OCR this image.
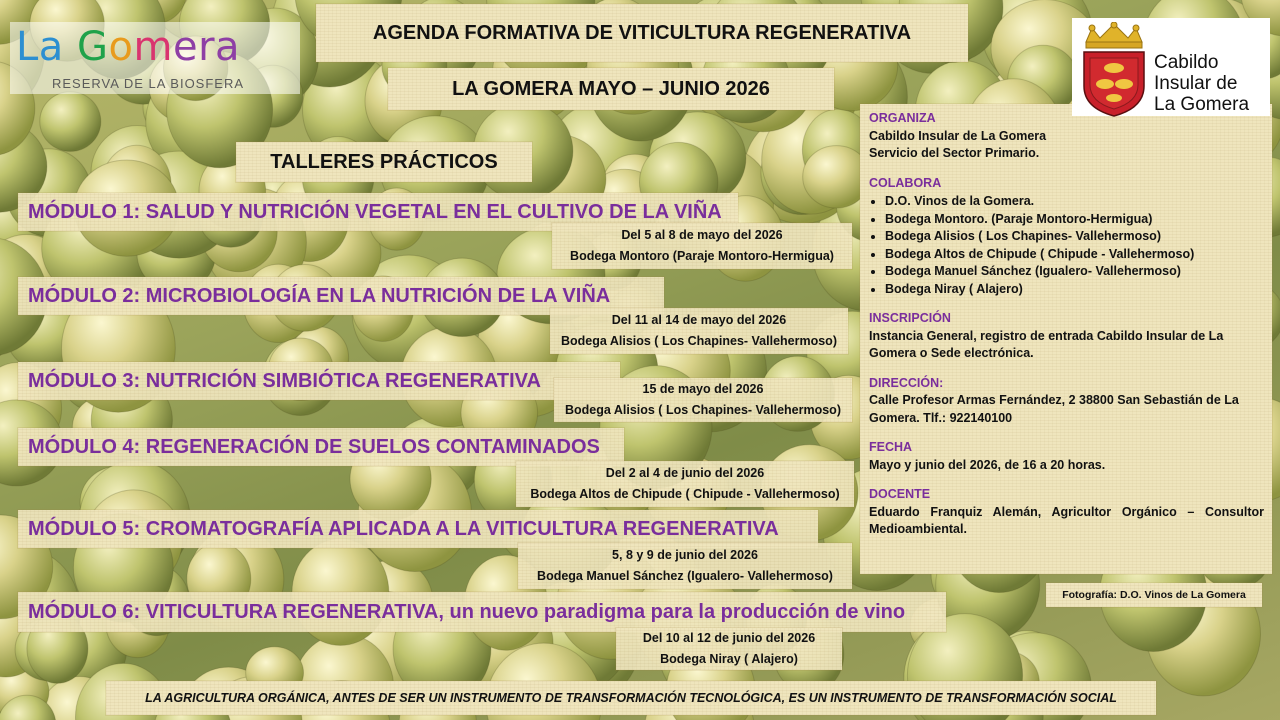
La Gomera
RESERVA DE LA BIOSFERA
AGENDA FORMATIVA DE VITICULTURA REGENERATIVA
LA GOMERA MAYO – JUNIO 2026
TALLERES PRÁCTICOS
Cabildo
Insular de
La Gomera
MÓDULO 1: SALUD Y NUTRICIÓN VEGETAL EN EL CULTIVO DE LA VIÑA
Del 5 al 8 de mayo del 2026
Bodega Montoro (Paraje Montoro-Hermigua)
MÓDULO 2: MICROBIOLOGÍA EN LA NUTRICIÓN DE LA VIÑA
Del 11 al 14 de mayo del 2026
Bodega Alisios ( Los Chapines- Vallehermoso)
MÓDULO 3: NUTRICIÓN SIMBIÓTICA REGENERATIVA	15 de mayo del 2026
Bodega Alisios ( Los Chapines- Vallehermoso)
MÓDULO 4: REGENERACIÓN DE SUELOS CONTAMINADOS
Del 2 al 4 de junio del 2026
Bodega Altos de Chipude ( Chipude - Vallehermoso)
MÓDULO 5: CROMATOGRAFÍA APLICADA A LA VITICULTURA REGENERATIVA
5, 8 y 9 de junio del 2026
Bodega Manuel Sánchez (Igualero- Vallehermoso)
MÓDULO 6: VITICULTURA REGENERATIVA, un nuevo paradigma para la producción de vino
Del 10 al 12 de junio del 2026
Bodega Niray ( Alajero)
ORGANIZA
Cabildo Insular de La Gomera
Servicio del Sector Primario.
COLABORA
• D.O. Vinos de la Gomera.
• Bodega Montoro. (Paraje Montoro-Hermigua)
• Bodega Alisios ( Los Chapines- Vallehermoso)
• Bodega Altos de Chipude ( Chipude - Vallehermoso)
• Bodega Manuel Sánchez (Igualero- Vallehermoso)
• Bodega Niray ( Alajero)
INSCRIPCIÓN
Instancia General, registro de entrada Cabildo Insular de La Gomera o Sede electrónica.
DIRECCIÓN:
Calle Profesor Armas Fernández, 2 38800 San Sebastián de La Gomera. Tlf.: 922140100
FECHA
Mayo y junio del 2026, de 16 a 20 horas.
DOCENTE
Eduardo Franquiz Alemán, Agricultor Orgánico – Consultor Medioambiental.
Fotografía: D.O. Vinos de La Gomera
LA AGRICULTURA ORGÁNICA, ANTES DE SER UN INSTRUMENTO DE TRANSFORMACIÓN TECNOLÓGICA, ES UN INSTRUMENTO DE TRANSFORMACIÓN SOCIAL
